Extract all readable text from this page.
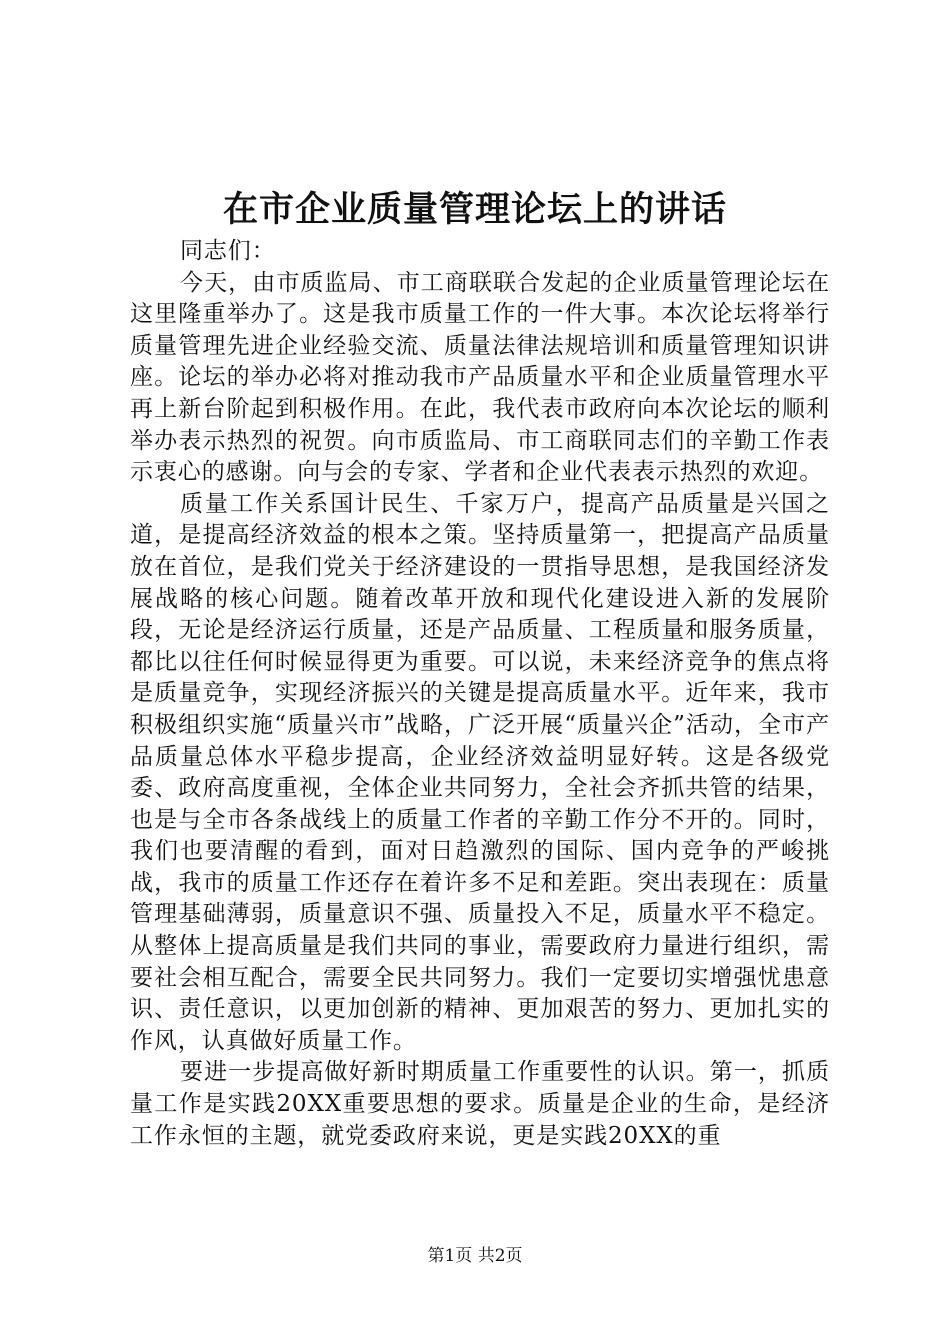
在市企业质量管理论坛上的讲话

同志们：

今天，由市质监局、市工商联联合发起的企业质量管理论坛在这里隆重举办了。这是我市质量工作的一件大事。本次论坛将举行质量管理先进企业经验交流、质量法律法规培训和质量管理知识讲座。论坛的举办必将对推动我市产品质量水平和企业质量管理水平再上新台阶起到积极作用。在此，我代表市政府向本次论坛的顺利举办表示热烈的祝贺。向市质监局、市工商联同志们的辛勤工作表示衷心的感谢。向与会的专家、学者和企业代表表示热烈的欢迎。

质量工作关系国计民生、千家万户，提高产品质量是兴国之道，是提高经济效益的根本之策。坚持质量第一，把提高产品质量放在首位，是我们党关于经济建设的一贯指导思想，是我国经济发展战略的核心问题。随着改革开放和现代化建设进入新的发展阶段，无论是经济运行质量，还是产品质量、工程质量和服务质量，都比以往任何时候显得更为重要。可以说，未来经济竞争的焦点将是质量竞争，实现经济振兴的关键是提高质量水平。近年来，我市积极组织实施“质量兴市”战略，广泛开展“质量兴企”活动，全市产品质量总体水平稳步提高，企业经济效益明显好转。这是各级党委、政府高度重视，全体企业共同努力，全社会齐抓共管的结果，也是与全市各条战线上的质量工作者的辛勤工作分不开的。同时，我们也要清醒的看到，面对日趋激烈的国际、国内竞争的严峻挑战，我市的质量工作还存在着许多不足和差距。突出表现在：质量管理基础薄弱，质量意识不强、质量投入不足，质量水平不稳定。从整体上提高质量是我们共同的事业，需要政府力量进行组织，需要社会相互配合，需要全民共同努力。我们一定要切实增强忧患意识、责任意识，以更加创新的精神、更加艰苦的努力、更加扎实的作风，认真做好质量工作。

要进一步提高做好新时期质量工作重要性的认识。第一，抓质量工作是实践20XX重要思想的要求。质量是企业的生命，是经济工作永恒的主题，就党委政府来说，更是实践20XX的重

第1页 共2页
